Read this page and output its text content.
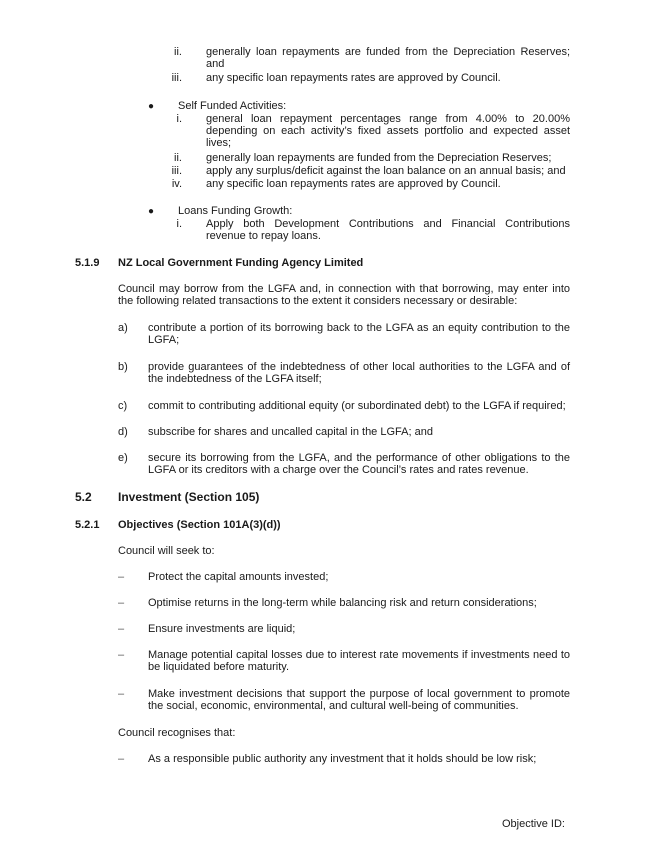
ii. generally loan repayments are funded from the Depreciation Reserves; and
iii. any specific loan repayments rates are approved by Council.
● Self Funded Activities:
i. general loan repayment percentages range from 4.00% to 20.00% depending on each activity’s fixed assets portfolio and expected asset lives;
ii. generally loan repayments are funded from the Depreciation Reserves;
iii. apply any surplus/deficit against the loan balance on an annual basis; and
iv. any specific loan repayments rates are approved by Council.
● Loans Funding Growth:
i. Apply both Development Contributions and Financial Contributions revenue to repay loans.
5.1.9 NZ Local Government Funding Agency Limited
Council may borrow from the LGFA and, in connection with that borrowing, may enter into the following related transactions to the extent it considers necessary or desirable:
a) contribute a portion of its borrowing back to the LGFA as an equity contribution to the LGFA;
b) provide guarantees of the indebtedness of other local authorities to the LGFA and of the indebtedness of the LGFA itself;
c) commit to contributing additional equity (or subordinated debt) to the LGFA if required;
d) subscribe for shares and uncalled capital in the LGFA; and
e) secure its borrowing from the LGFA, and the performance of other obligations to the LGFA or its creditors with a charge over the Council’s rates and rates revenue.
5.2 Investment (Section 105)
5.2.1 Objectives (Section 101A(3)(d))
Council will seek to:
– Protect the capital amounts invested;
– Optimise returns in the long-term while balancing risk and return considerations;
– Ensure investments are liquid;
– Manage potential capital losses due to interest rate movements if investments need to be liquidated before maturity.
– Make investment decisions that support the purpose of local government to promote the social, economic, environmental, and cultural well-being of communities.
Council recognises that:
– As a responsible public authority any investment that it holds should be low risk;
Objective ID:
